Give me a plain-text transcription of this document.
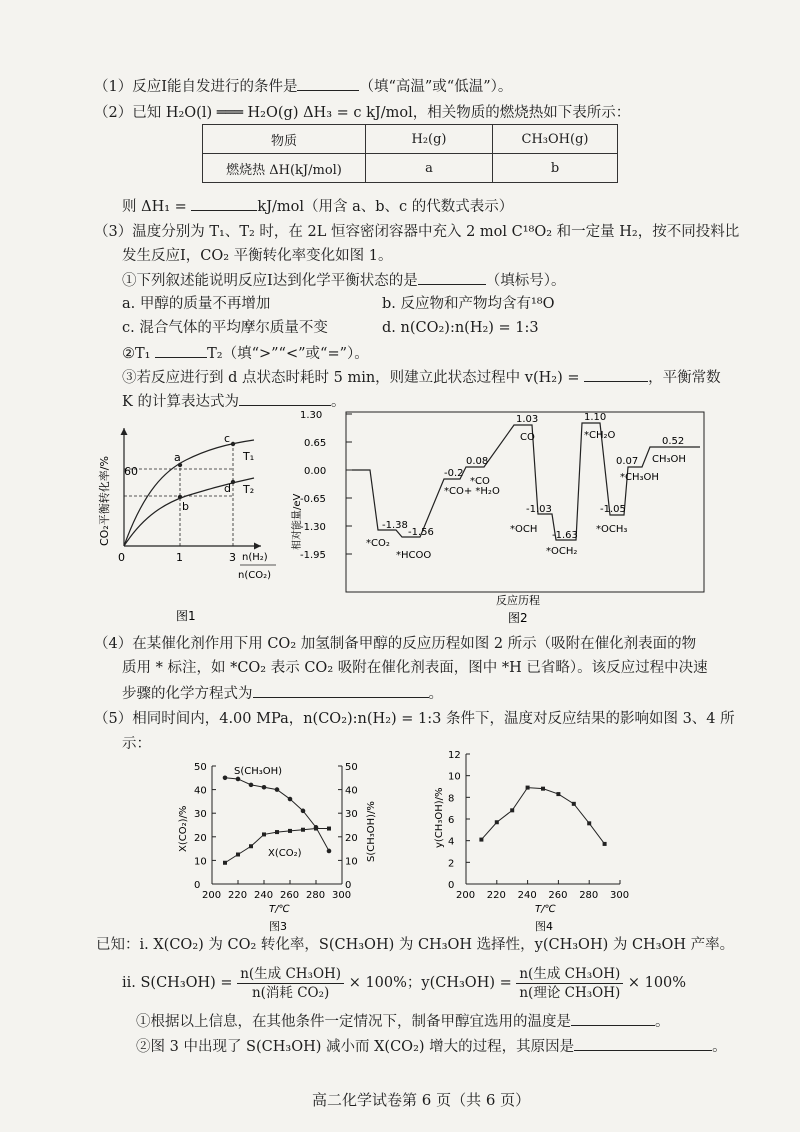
（1）反应Ⅰ能自发进行的条件是	（填“高温”或“低温”）。
（2）已知 H₂O(l) ═══ H₂O(g) ΔH₃ = c kJ/mol，相关物质的燃烧热如下表所示：
物质	H₂(g)	CH₃OH(g)
燃烧热 ΔH(kJ/mol)	a	b
则 ΔH₁ =	kJ/mol（用含 a、b、c 的代数式表示）
（3）温度分别为 T₁、T₂ 时，在 2L 恒容密闭容器中充入 2 mol C¹⁸O₂ 和一定量 H₂，按不同投料比
发生反应Ⅰ，CO₂ 平衡转化率变化如图 1。
①下列叙述能说明反应Ⅰ达到化学平衡状态的是	（填标号）。
a. 甲醇的质量不再增加	b. 反应物和产物均含有¹⁸O
c. 混合气体的平均摩尔质量不变	d. n(CO₂):n(H₂) = 1:3
②T₁	T₂（填“>”“<”或“=”）。
③若反应进行到 d 点状态时耗时 5 min，则建立此状态过程中 v(H₂) =	，平衡常数
K 的计算表达式为	。
a
b
c
d
T₁
T₂
60
0	1	3 n(H₂)
n(CO₂)
CO₂平衡转化率/%
图1
1.30
0.65
0.00
-0.65
-1.30
-1.95
相对能量/eV	-1.38
*CO₂
-1.56
*HCOO
-0.2
*CO+ *H₂O
0.08
*CO
1.03
CO
-1.03
*OCH
-1.63
*OCH₂
1.10
*CH₂O
-1.05
*OCH₃
0.07
*CH₃OH
0.52
CH₃OH
反应历程
图2
（4）在某催化剂作用下用 CO₂ 加氢制备甲醇的反应历程如图 2 所示（吸附在催化剂表面的物
质用 * 标注，如 *CO₂ 表示 CO₂ 吸附在催化剂表面，图中 *H 已省略）。该反应过程中决速
步骤的化学方程式为	。
（5）相同时间内，4.00 MPa，n(CO₂):n(H₂) = 1:3 条件下，温度对反应结果的影响如图 3、4 所
示：
200 220 240 260 280 300
0
10
20
30
40
50
0
10
20
30
40
50
T/℃
图3
X(CO₂)/%	S(CH₃OH)/%
S(CH₃OH)
X(CO₂)
200 220 240 260 280 300
0
2
4
6
8
10
12
T/℃
图4
y(CH₃OH)/%
已知：ⅰ. X(CO₂) 为 CO₂ 转化率，S(CH₃OH) 为 CH₃OH 选择性，y(CH₃OH) 为 CH₃OH 产率。
ⅱ. $S(CH_3OH) = \frac{\text{n(生成 CH₃OH)}}{\text{n(消耗 CO₂)}} \times 100\%$；$y(CH_3OH) = \frac{\text{n(生成 CH₃OH)}}{\text{n(理论 CH₃OH)}} \times 100\%$
①根据以上信息，在其他条件一定情况下，制备甲醇宜选用的温度是	。
②图 3 中出现了 S(CH₃OH) 减小而 X(CO₂) 增大的过程，其原因是	。
高二化学试卷第 6 页（共 6 页）
